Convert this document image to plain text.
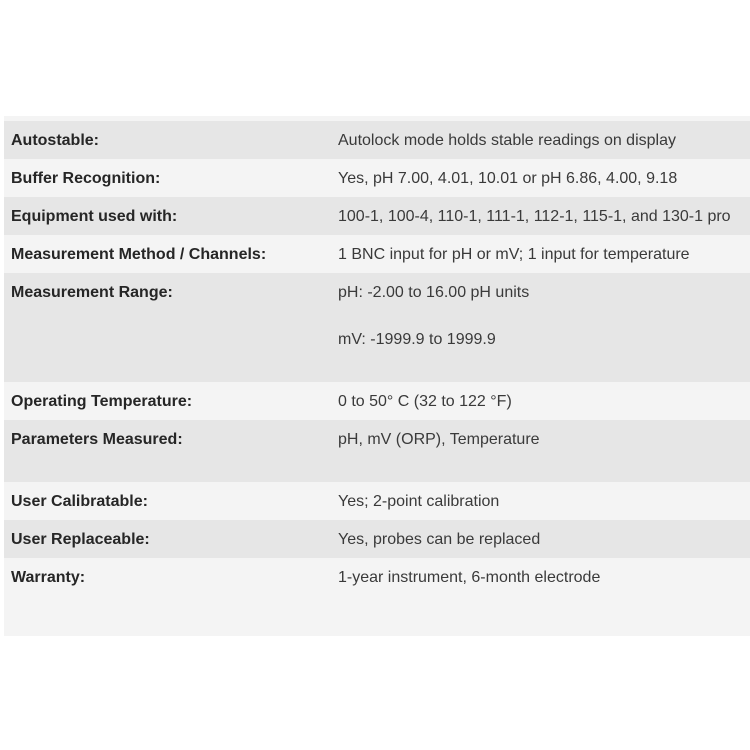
Autostable:	Autolock mode holds stable readings on display
Buffer Recognition:	Yes, pH 7.00, 4.01, 10.01 or pH 6.86, 4.00, 9.18
Equipment used with:	100-1, 100-4, 110-1, 111-1, 112-1, 115-1, and 130-1 pro
Measurement Method / Channels:	1 BNC input for pH or mV; 1 input for temperature
Measurement Range:	pH: -2.00 to 16.00 pH units
mV: -1999.9 to 1999.9
Operating Temperature:	0 to 50° C (32 to 122 °F)
Parameters Measured:	pH, mV (ORP), Temperature
User Calibratable:	Yes; 2-point calibration
User Replaceable:	Yes, probes can be replaced
Warranty:	1-year instrument, 6-month electrode
